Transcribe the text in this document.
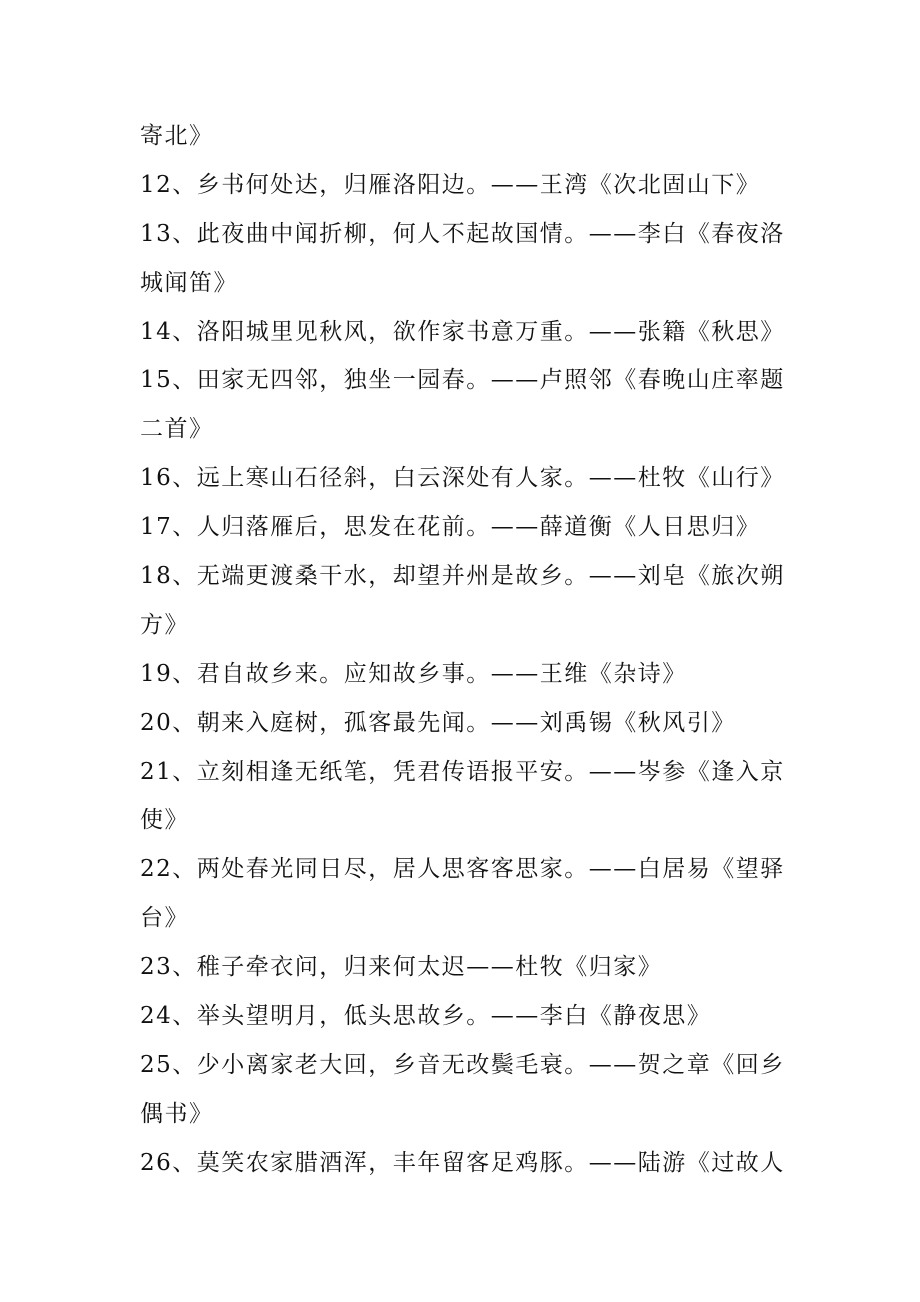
寄北》
12、乡书何处达，归雁洛阳边。——王湾《次北固山下》
13、此夜曲中闻折柳，何人不起故国情。——李白《春夜洛
城闻笛》
14、洛阳城里见秋风，欲作家书意万重。——张籍《秋思》
15、田家无四邻，独坐一园春。——卢照邻《春晚山庄率题
二首》
16、远上寒山石径斜，白云深处有人家。——杜牧《山行》
17、人归落雁后，思发在花前。——薛道衡《人日思归》
18、无端更渡桑干水，却望并州是故乡。——刘皂《旅次朔
方》
19、君自故乡来。应知故乡事。——王维《杂诗》
20、朝来入庭树，孤客最先闻。——刘禹锡《秋风引》
21、立刻相逢无纸笔，凭君传语报平安。——岑参《逢入京
使》
22、两处春光同日尽，居人思客客思家。——白居易《望驿
台》
23、稚子牵衣问，归来何太迟——杜牧《归家》
24、举头望明月，低头思故乡。——李白《静夜思》
25、少小离家老大回，乡音无改鬓毛衰。——贺之章《回乡
偶书》
26、莫笑农家腊酒浑，丰年留客足鸡豚。——陆游《过故人
